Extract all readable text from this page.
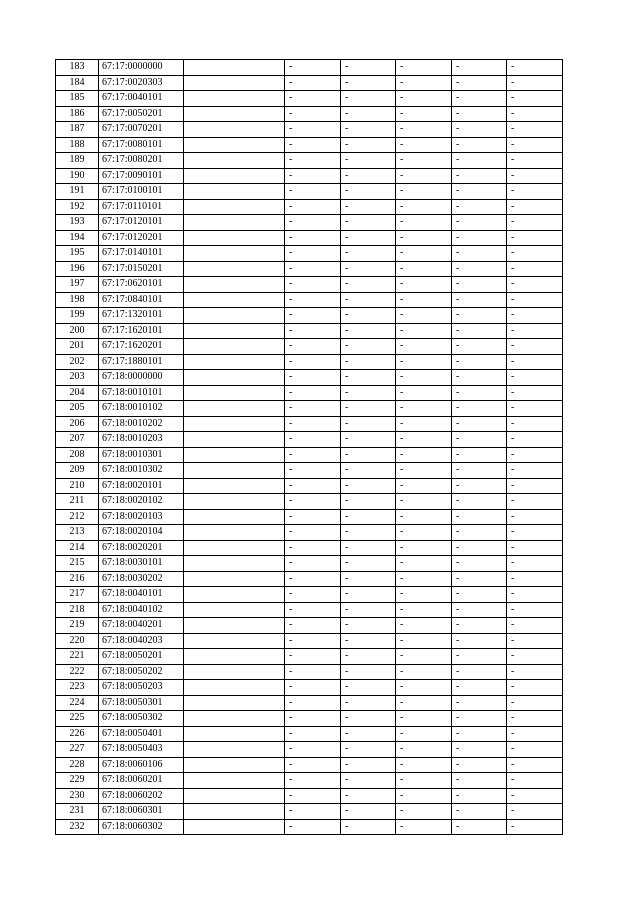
183	67:17:0000000		-	-	-	-	-
184	67:17:0020303		-	-	-	-	-
185	67:17:0040101		-	-	-	-	-
186	67:17:0050201		-	-	-	-	-
187	67:17:0070201		-	-	-	-	-
188	67:17:0080101		-	-	-	-	-
189	67:17:0080201		-	-	-	-	-
190	67:17:0090101		-	-	-	-	-
191	67:17:0100101		-	-	-	-	-
192	67:17:0110101		-	-	-	-	-
193	67:17:0120101		-	-	-	-	-
194	67:17:0120201		-	-	-	-	-
195	67:17:0140101		-	-	-	-	-
196	67:17:0150201		-	-	-	-	-
197	67:17:0620101		-	-	-	-	-
198	67:17:0840101		-	-	-	-	-
199	67:17:1320101		-	-	-	-	-
200	67:17:1620101		-	-	-	-	-
201	67:17:1620201		-	-	-	-	-
202	67:17:1880101		-	-	-	-	-
203	67:18:0000000		-	-	-	-	-
204	67:18:0010101		-	-	-	-	-
205	67:18:0010102		-	-	-	-	-
206	67:18:0010202		-	-	-	-	-
207	67:18:0010203		-	-	-	-	-
208	67:18:0010301		-	-	-	-	-
209	67:18:0010302		-	-	-	-	-
210	67:18:0020101		-	-	-	-	-
211	67:18:0020102		-	-	-	-	-
212	67:18:0020103		-	-	-	-	-
213	67:18:0020104		-	-	-	-	-
214	67:18:0020201		-	-	-	-	-
215	67:18:0030101		-	-	-	-	-
216	67:18:0030202		-	-	-	-	-
217	67:18:0040101		-	-	-	-	-
218	67:18:0040102		-	-	-	-	-
219	67:18:0040201		-	-	-	-	-
220	67:18:0040203		-	-	-	-	-
221	67:18:0050201		-	-	-	-	-
222	67:18:0050202		-	-	-	-	-
223	67:18:0050203		-	-	-	-	-
224	67:18:0050301		-	-	-	-	-
225	67:18:0050302		-	-	-	-	-
226	67:18:0050401		-	-	-	-	-
227	67:18:0050403		-	-	-	-	-
228	67:18:0060106		-	-	-	-	-
229	67:18:0060201		-	-	-	-	-
230	67:18:0060202		-	-	-	-	-
231	67:18:0060301		-	-	-	-	-
232	67:18:0060302		-	-	-	-	-
